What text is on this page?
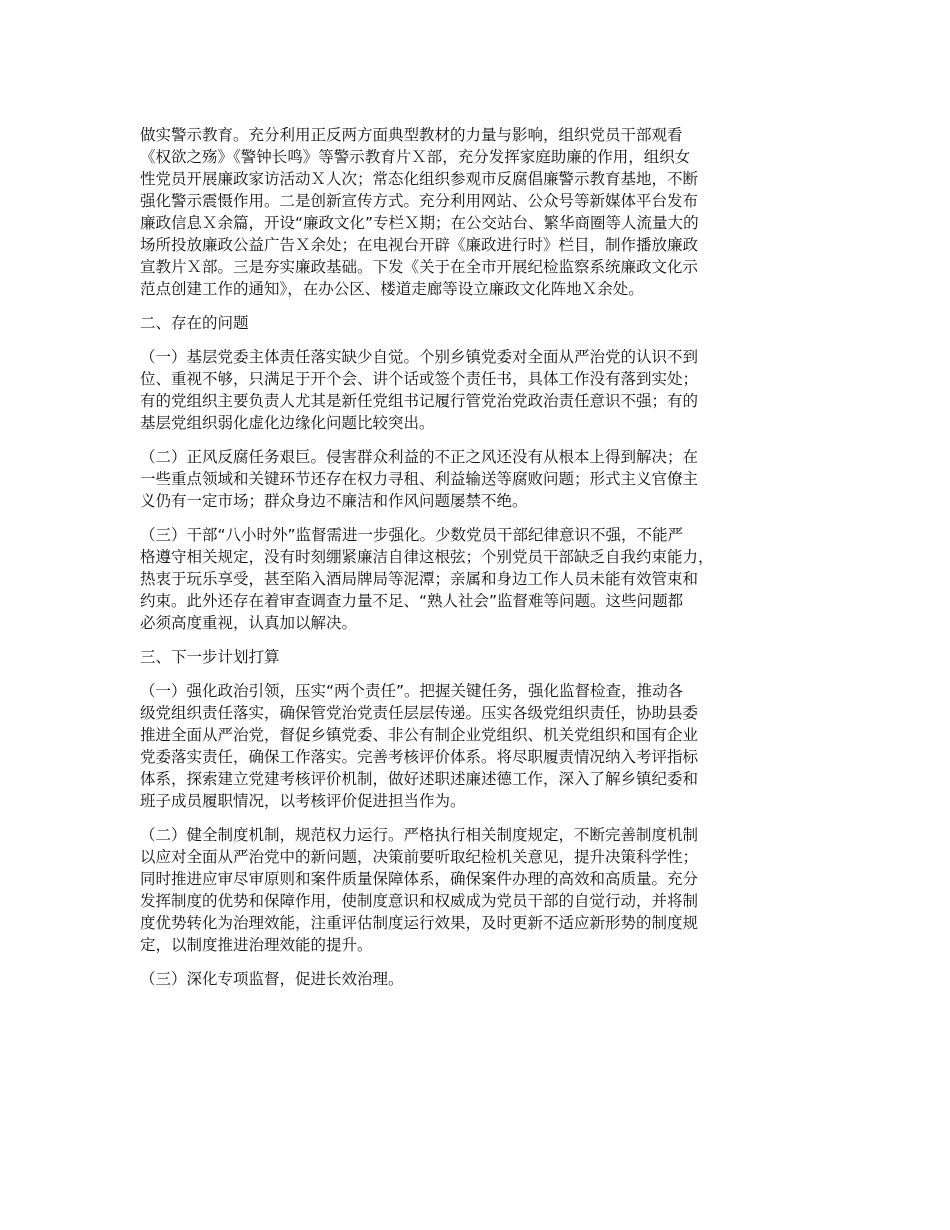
做实警示教育。充分利用正反两方面典型教材的力量与影响，组织党员干部观看
《权欲之殇》《警钟长鸣》等警示教育片Ｘ部，充分发挥家庭助廉的作用，组织女
性党员开展廉政家访活动Ｘ人次；常态化组织参观市反腐倡廉警示教育基地，不断
强化警示震慑作用。二是创新宣传方式。充分利用网站、公众号等新媒体平台发布
廉政信息Ｘ余篇，开设“廉政文化”专栏Ｘ期；在公交站台、繁华商圈等人流量大的
场所投放廉政公益广告Ｘ余处；在电视台开辟《廉政进行时》栏目，制作播放廉政
宣教片Ｘ部。三是夯实廉政基础。下发《关于在全市开展纪检监察系统廉政文化示
范点创建工作的通知》，在办公区、楼道走廊等设立廉政文化阵地Ｘ余处。

二、存在的问题

（一）基层党委主体责任落实缺少自觉。个别乡镇党委对全面从严治党的认识不到
位、重视不够，只满足于开个会、讲个话或签个责任书，具体工作没有落到实处；
有的党组织主要负责人尤其是新任党组书记履行管党治党政治责任意识不强；有的
基层党组织弱化虚化边缘化问题比较突出。

（二）正风反腐任务艰巨。侵害群众利益的不正之风还没有从根本上得到解决；在
一些重点领域和关键环节还存在权力寻租、利益输送等腐败问题；形式主义官僚主
义仍有一定市场；群众身边不廉洁和作风问题屡禁不绝。

（三）干部“八小时外”监督需进一步强化。少数党员干部纪律意识不强，不能严
格遵守相关规定，没有时刻绷紧廉洁自律这根弦；个别党员干部缺乏自我约束能力，
热衷于玩乐享受，甚至陷入酒局牌局等泥潭；亲属和身边工作人员未能有效管束和
约束。此外还存在着审查调查力量不足、“熟人社会”监督难等问题。这些问题都
必须高度重视，认真加以解决。

三、下一步计划打算

（一）强化政治引领，压实“两个责任”。把握关键任务，强化监督检查，推动各
级党组织责任落实，确保管党治党责任层层传递。压实各级党组织责任，协助县委
推进全面从严治党，督促乡镇党委、非公有制企业党组织、机关党组织和国有企业
党委落实责任，确保工作落实。完善考核评价体系。将尽职履责情况纳入考评指标
体系，探索建立党建考核评价机制，做好述职述廉述德工作，深入了解乡镇纪委和
班子成员履职情况，以考核评价促进担当作为。

（二）健全制度机制，规范权力运行。严格执行相关制度规定，不断完善制度机制
以应对全面从严治党中的新问题，决策前要听取纪检机关意见，提升决策科学性；
同时推进应审尽审原则和案件质量保障体系，确保案件办理的高效和高质量。充分
发挥制度的优势和保障作用，使制度意识和权威成为党员干部的自觉行动，并将制
度优势转化为治理效能，注重评估制度运行效果，及时更新不适应新形势的制度规
定，以制度推进治理效能的提升。

（三）深化专项监督，促进长效治理。
